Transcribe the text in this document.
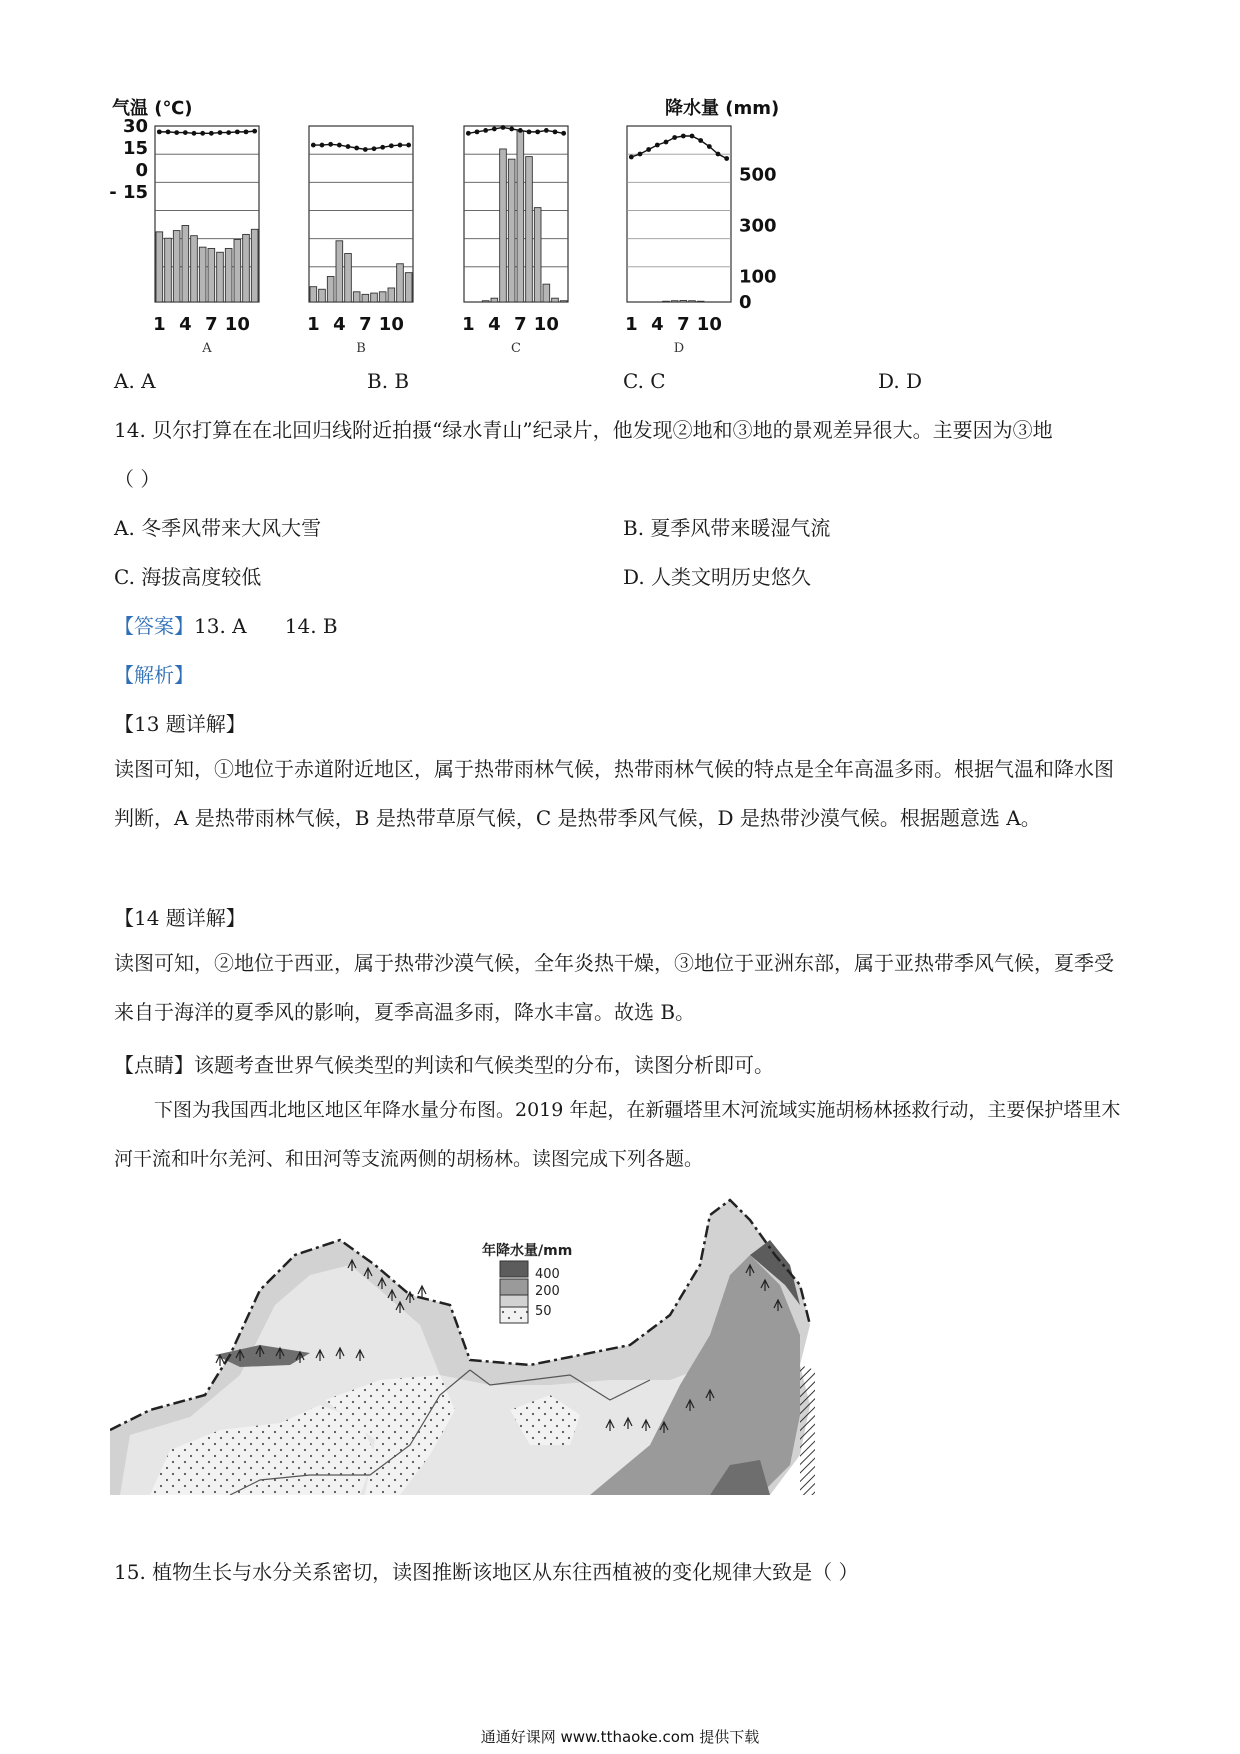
气温 (℃)	降水量 (mm)
30
15
0
- 15
500
300
100
0
1 4 7 10
A
1 4 7 10
B
1 4 7 10
C
1 4 7 10
D
A. A	B. B	C. C	D. D
14. 贝尔打算在在北回归线附近拍摄“绿水青山”纪录片，他发现②地和③地的景观差异很大。主要因为③地
（ ）
A. 冬季风带来大风大雪	B. 夏季风带来暖湿气流
C. 海拔高度较低	D. 人类文明历史悠久
【答案】13. A      14. B
【解析】
【13 题详解】
读图可知，①地位于赤道附近地区，属于热带雨林气候，热带雨林气候的特点是全年高温多雨。根据气温和降水图判断，A 是热带雨林气候，B 是热带草原气候，C 是热带季风气候，D 是热带沙漠气候。根据题意选 A。
【14 题详解】
读图可知，②地位于西亚，属于热带沙漠气候，全年炎热干燥，③地位于亚洲东部，属于亚热带季风气候，夏季受来自于海洋的夏季风的影响，夏季高温多雨，降水丰富。故选 B。
【点睛】该题考查世界气候类型的判读和气候类型的分布，读图分析即可。
下图为我国西北地区地区年降水量分布图。2019 年起，在新疆塔里木河流域实施胡杨林拯救行动，主要保护塔里木河干流和叶尔羌河、和田河等支流两侧的胡杨林。读图完成下列各题。
年降水量/mm
400
200
50
15. 植物生长与水分关系密切，读图推断该地区从东往西植被的变化规律大致是（ ）
通通好课网 www.tthaoke.com 提供下载
